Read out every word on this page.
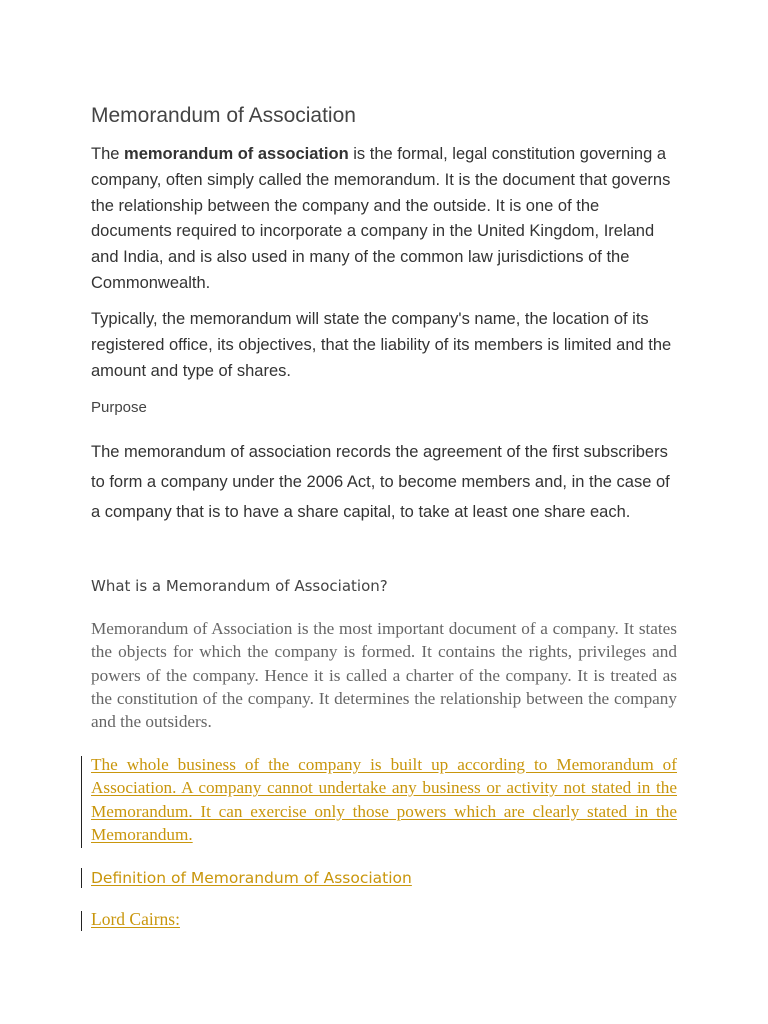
Memorandum of Association

The memorandum of association is the formal, legal constitution governing a   company, often simply called the memorandum. It is the document that governs the relationship between the company and the outside. It is one of the documents required to incorporate a company in the United Kingdom, Ireland and India, and is also used in many of the common law jurisdictions of the Commonwealth.

Typically, the memorandum will state the company's name, the location of its registered office, its objectives, that the liability of its members is limited and the amount and type of shares.

Purpose

The memorandum of association records the agreement of the first subscribers to form a company under the 2006 Act, to become members and, in the case of a company that is to have a share capital, to take at least one share each.

What is a Memorandum of Association?

Memorandum of Association is the most important document of a company. It states the objects for which the company is formed. It contains the rights, privileges and powers of the company. Hence it is called a charter of the company. It is treated as the constitution of the company. It determines the relationship between the company and the outsiders.

The whole business of the company is built up according to Memorandum of Association. A company cannot undertake any business or activity not stated in the Memorandum. It can exercise only those powers which are clearly stated in the Memorandum.

Definition of Memorandum of Association

Lord Cairns:
